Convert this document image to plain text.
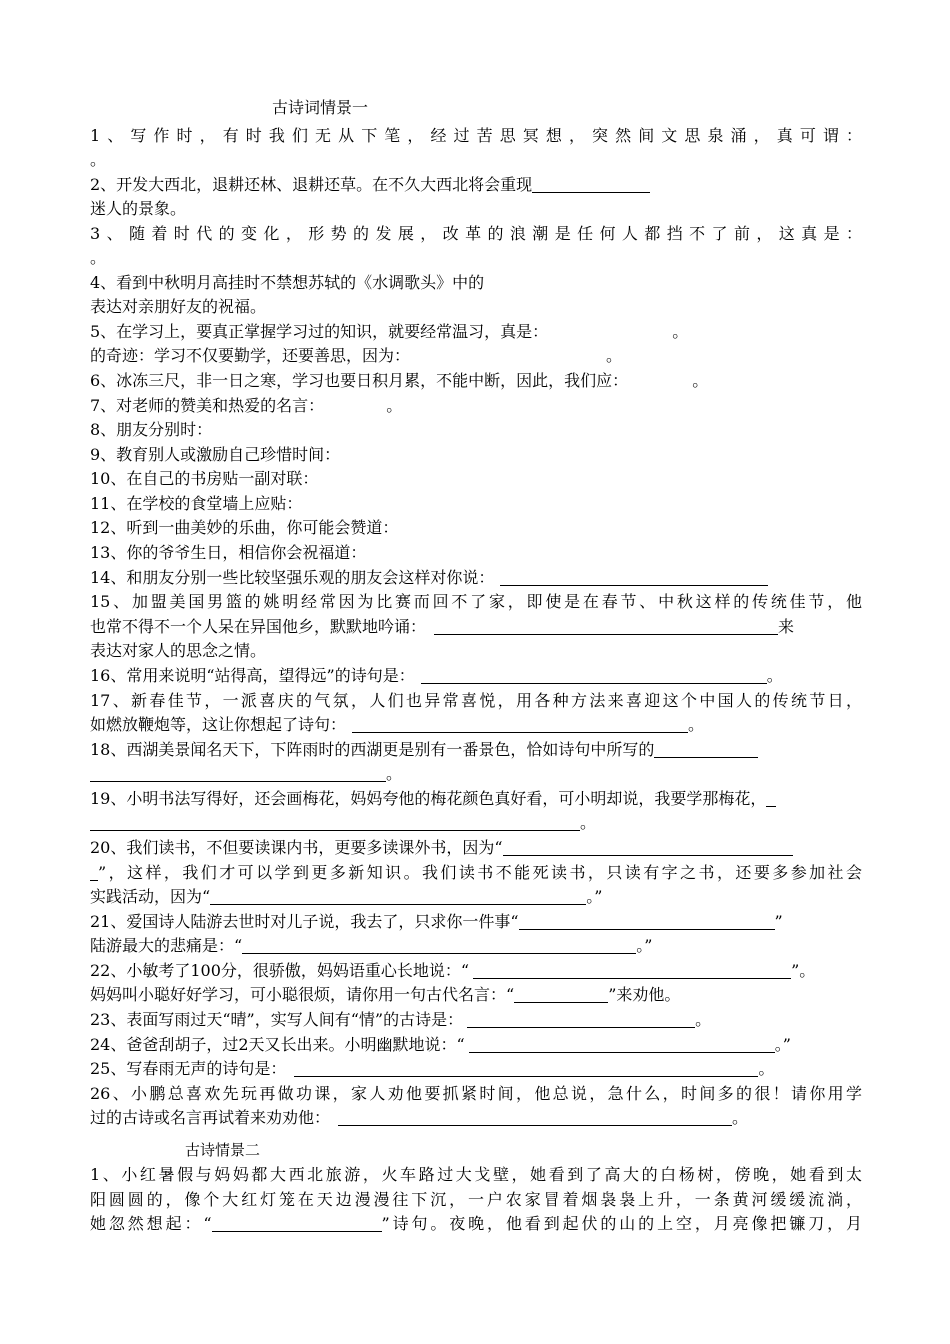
古诗词情景一
1、写作时，有时我们无从下笔，经过苦思冥想，突然间文思泉涌，真可谓：
。
2、开发大西北，退耕还林、退耕还草。在不久大西北将会重现
迷人的景象。
3、随着时代的变化，形势的发展，改革的浪潮是任何人都挡不了前，这真是：
。
4、看到中秋明月高挂时不禁想苏轼的《水调歌头》中的
表达对亲朋好友的祝福。
5、在学习上，要真正掌握学习过的知识，就要经常温习，真是：	。
的奇迹：学习不仅要勤学，还要善思，因为：	。
6、冰冻三尺，非一日之寒，学习也要日积月累，不能中断，因此，我们应：	。
7、对老师的赞美和热爱的名言：	。
8、朋友分别时：
9、教育别人或激励自己珍惜时间：
10、在自己的书房贴一副对联：
11、在学校的食堂墙上应贴：
12、听到一曲美妙的乐曲，你可能会赞道：
13、你的爷爷生日，相信你会祝福道：
14、和朋友分别一些比较坚强乐观的朋友会这样对你说：
15、加盟美国男篮的姚明经常因为比赛而回不了家，即使是在春节、中秋这样的传统佳节，他
也常不得不一个人呆在异国他乡，默默地吟诵：	来
表达对家人的思念之情。
16、常用来说明“站得高，望得远”的诗句是：	。
17、新春佳节，一派喜庆的气氛，人们也异常喜悦，用各种方法来喜迎这个中国人的传统节日，
如燃放鞭炮等，这让你想起了诗句：	。
18、西湖美景闻名天下，下阵雨时的西湖更是别有一番景色，恰如诗句中所写的
。
19、小明书法写得好，还会画梅花，妈妈夸他的梅花颜色真好看，可小明却说，我要学那梅花，
。
20、我们读书，不但要读课内书，更要多读课外书，因为“
”，这样，我们才可以学到更多新知识。我们读书不能死读书，只读有字之书，还要多参加社会
实践活动，因为“	。”
21、爱国诗人陆游去世时对儿子说，我去了，只求你一件事“	”
陆游最大的悲痛是：“	。”
22、小敏考了100分，很骄傲，妈妈语重心长地说：“	”。
妈妈叫小聪好好学习，可小聪很烦，请你用一句古代名言：“	”来劝他。
23、表面写雨过天“晴”，实写人间有“情”的古诗是：	。
24、爸爸刮胡子，过2天又长出来。小明幽默地说：“	。”
25、写春雨无声的诗句是：	。
26、小鹏总喜欢先玩再做功课，家人劝他要抓紧时间，他总说，急什么，时间多的很！请你用学
过的古诗或名言再试着来劝劝他：	。
古诗情景二
1、小红暑假与妈妈都大西北旅游，火车路过大戈壁，她看到了高大的白杨树，傍晚，她看到太
阳圆圆的，像个大红灯笼在天边漫漫往下沉，一户农家冒着烟袅袅上升，一条黄河缓缓流淌，
她忽然想起：“	”诗句。夜晚，他看到起伏的山的上空，月亮像把镰刀，月
